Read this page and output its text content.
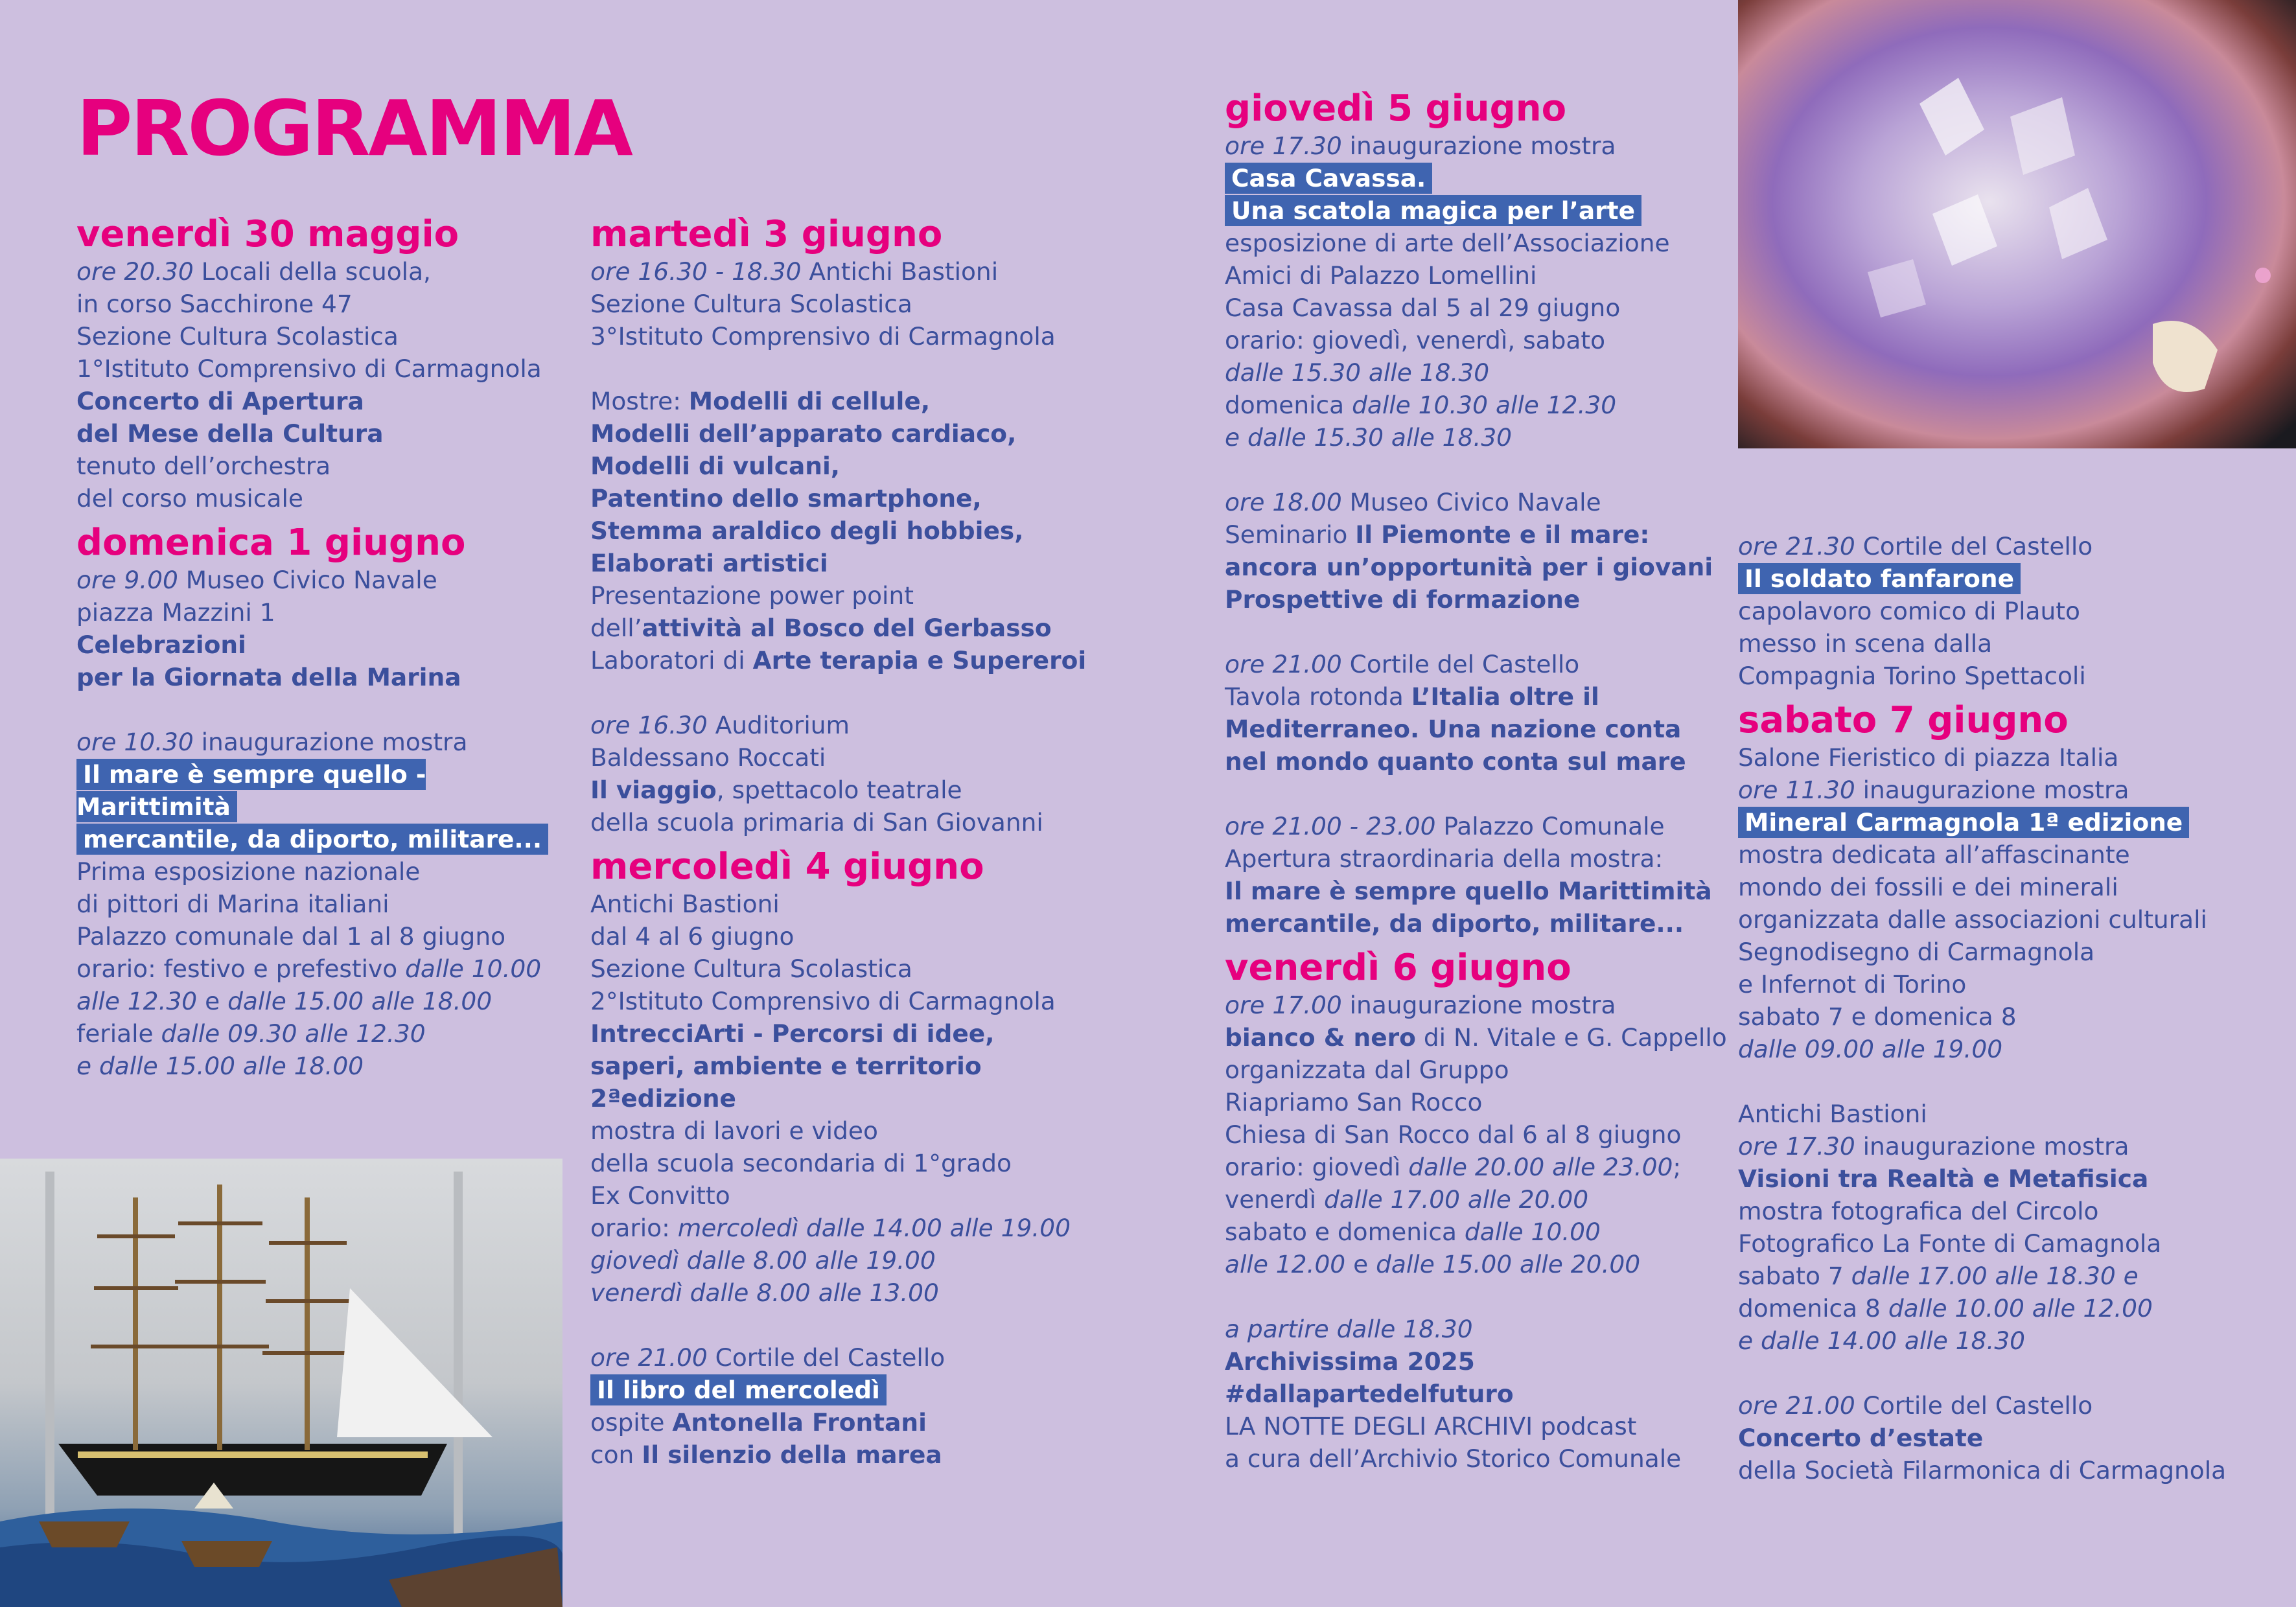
PROGRAMMA

venerdì 30 maggio

ore 20.30 Locali della scuola,

in corso Sacchirone 47

Sezione Cultura Scolastica

1°Istituto Comprensivo di Carmagnola

Concerto di Apertura

del Mese della Cultura

tenuto dell’orchestra

del corso musicale

domenica 1 giugno

ore 9.00 Museo Civico Navale

piazza Mazzini 1

Celebrazioni

per la Giornata della Marina

ore 10.30 inaugurazione mostra

Il mare è sempre quello - Marittimità

mercantile, da diporto, militare...

Prima esposizione nazionale

di pittori di Marina italiani

Palazzo comunale dal 1 al 8 giugno

orario: festivo e prefestivo dalle 10.00

alle 12.30 e dalle 15.00 alle 18.00

feriale dalle 09.30 alle 12.30

e dalle 15.00 alle 18.00

martedì 3 giugno

ore 16.30 - 18.30 Antichi Bastioni

Sezione Cultura Scolastica

3°Istituto Comprensivo di Carmagnola

Mostre: Modelli di cellule,

Modelli dell’apparato cardiaco,

Modelli di vulcani,

Patentino dello smartphone,

Stemma araldico degli hobbies,

Elaborati artistici

Presentazione power point

dell’attività al Bosco del Gerbasso

Laboratori di Arte terapia e Supereroi

ore 16.30 Auditorium

Baldessano Roccati

Il viaggio, spettacolo teatrale

della scuola primaria di San Giovanni

mercoledì 4 giugno

Antichi Bastioni

dal 4 al 6 giugno

Sezione Cultura Scolastica

2°Istituto Comprensivo di Carmagnola

IntrecciArti - Percorsi di idee,

saperi, ambiente e territorio

2ªedizione

mostra di lavori e video

della scuola secondaria di 1°grado

Ex Convitto

orario: mercoledì dalle 14.00 alle 19.00

giovedì dalle 8.00 alle 19.00

venerdì dalle 8.00 alle 13.00

ore 21.00 Cortile del Castello

Il libro del mercoledì

ospite Antonella Frontani

con Il silenzio della marea

giovedì 5 giugno

ore 17.30 inaugurazione mostra

Casa Cavassa.

Una scatola magica per l’arte

esposizione di arte dell’Associazione

Amici di Palazzo Lomellini

Casa Cavassa dal 5 al 29 giugno

orario: giovedì, venerdì, sabato

dalle 15.30 alle 18.30

domenica dalle 10.30 alle 12.30

e dalle 15.30 alle 18.30

ore 18.00 Museo Civico Navale

Seminario Il Piemonte e il mare:

ancora un’opportunità per i giovani

Prospettive di formazione

ore 21.00 Cortile del Castello

Tavola rotonda L’Italia oltre il

Mediterraneo. Una nazione conta

nel mondo quanto conta sul mare

ore 21.00 - 23.00 Palazzo Comunale

Apertura straordinaria della mostra:

Il mare è sempre quello Marittimità

mercantile, da diporto, militare...

venerdì 6 giugno

ore 17.00 inaugurazione mostra

bianco & nero di N. Vitale e G. Cappello

organizzata dal Gruppo

Riapriamo San Rocco

Chiesa di San Rocco dal 6 al 8 giugno

orario: giovedì dalle 20.00 alle 23.00;

venerdì dalle 17.00 alle 20.00

sabato e domenica dalle 10.00

alle 12.00 e dalle 15.00 alle 20.00

a partire dalle 18.30

Archivissima 2025 #dallapartedelfuturo

LA NOTTE DEGLI ARCHIVI podcast

a cura dell’Archivio Storico Comunale

ore 21.30 Cortile del Castello

Il soldato fanfarone

capolavoro comico di Plauto

messo in scena dalla

Compagnia Torino Spettacoli

sabato 7 giugno

Salone Fieristico di piazza Italia

ore 11.30 inaugurazione mostra

Mineral Carmagnola 1ª edizione

mostra dedicata all’affascinante

mondo dei fossili e dei minerali

organizzata dalle associazioni culturali

Segnodisegno di Carmagnola

e Infernot di Torino

sabato 7 e domenica 8

dalle 09.00 alle 19.00

Antichi Bastioni

ore 17.30 inaugurazione mostra

Visioni tra Realtà e Metafisica

mostra fotografica del Circolo

Fotografico La Fonte di Camagnola

sabato 7 dalle 17.00 alle 18.30 e

domenica 8 dalle 10.00 alle 12.00

e dalle 14.00 alle 18.30

ore 21.00 Cortile del Castello

Concerto d’estate

della Società Filarmonica di Carmagnola
